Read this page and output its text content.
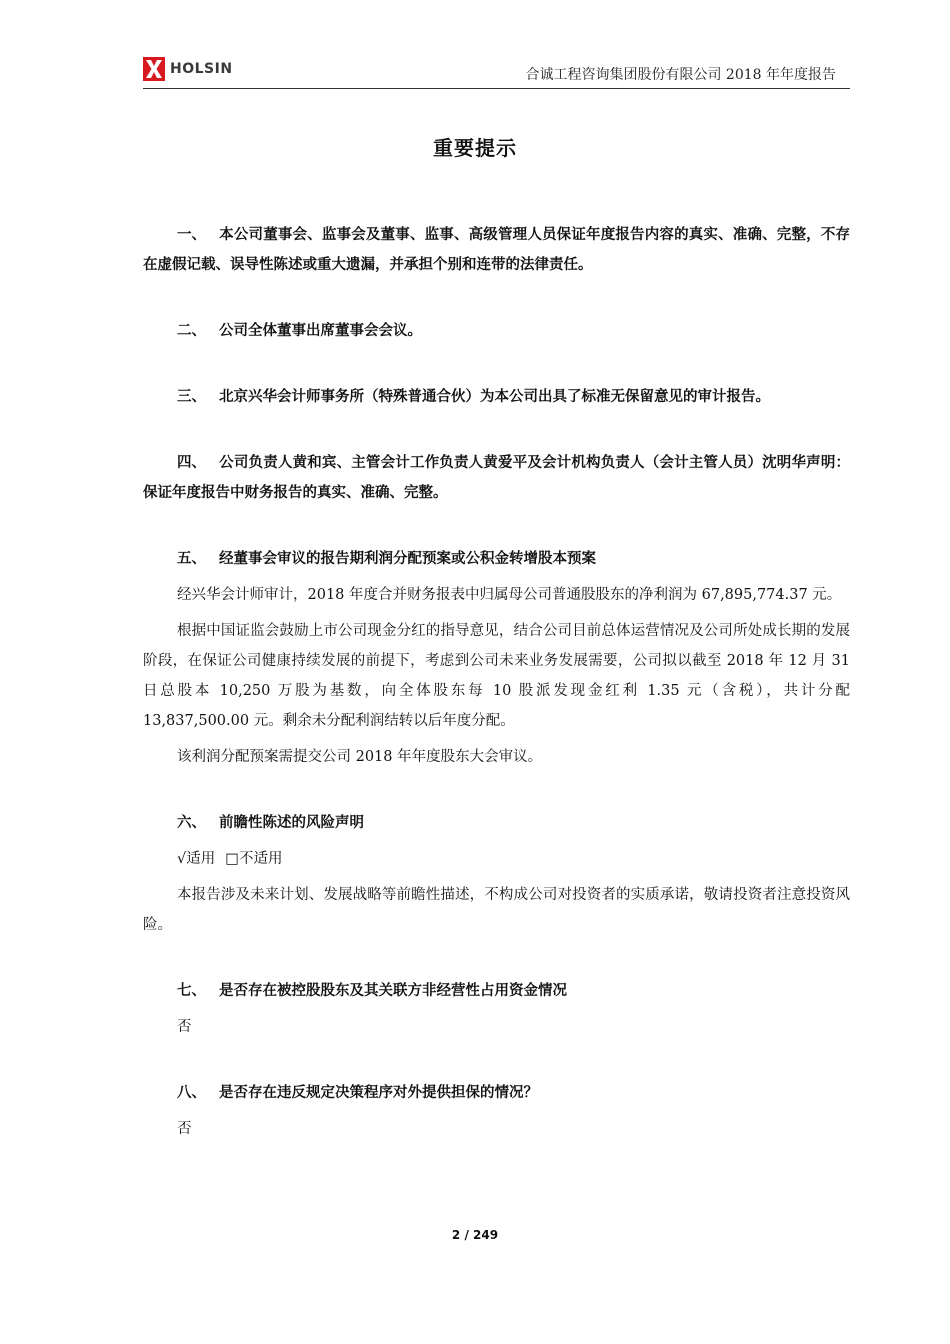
HOLSIN	合诚工程咨询集团股份有限公司 2018 年年度报告
重要提示

一、 本公司董事会、监事会及董事、监事、高级管理人员保证年度报告内容的真实、准确、完整，不存在虚假记载、误导性陈述或重大遗漏，并承担个别和连带的法律责任。

二、 公司全体董事出席董事会会议。

三、 北京兴华会计师事务所（特殊普通合伙）为本公司出具了标准无保留意见的审计报告。

四、 公司负责人黄和宾、主管会计工作负责人黄爱平及会计机构负责人（会计主管人员）沈明华声明：保证年度报告中财务报告的真实、准确、完整。

五、 经董事会审议的报告期利润分配预案或公积金转增股本预案

经兴华会计师审计，2018 年度合并财务报表中归属母公司普通股股东的净利润为 67,895,774.37 元。

根据中国证监会鼓励上市公司现金分红的指导意见，结合公司目前总体运营情况及公司所处成长期的发展阶段，在保证公司健康持续发展的前提下，考虑到公司未来业务发展需要，公司拟以截至 2018 年 12 月 31 日总股本 10,250 万股为基数，向全体股东每 10 股派发现金红利 1.35 元（含税），共计分配 13,837,500.00 元。剩余未分配利润结转以后年度分配。

该利润分配预案需提交公司 2018 年年度股东大会审议。

六、 前瞻性陈述的风险声明

√适用 □不适用

本报告涉及未来计划、发展战略等前瞻性描述，不构成公司对投资者的实质承诺，敬请投资者注意投资风险。

七、 是否存在被控股股东及其关联方非经营性占用资金情况

否

八、 是否存在违反规定决策程序对外提供担保的情况？

否

2 / 249
